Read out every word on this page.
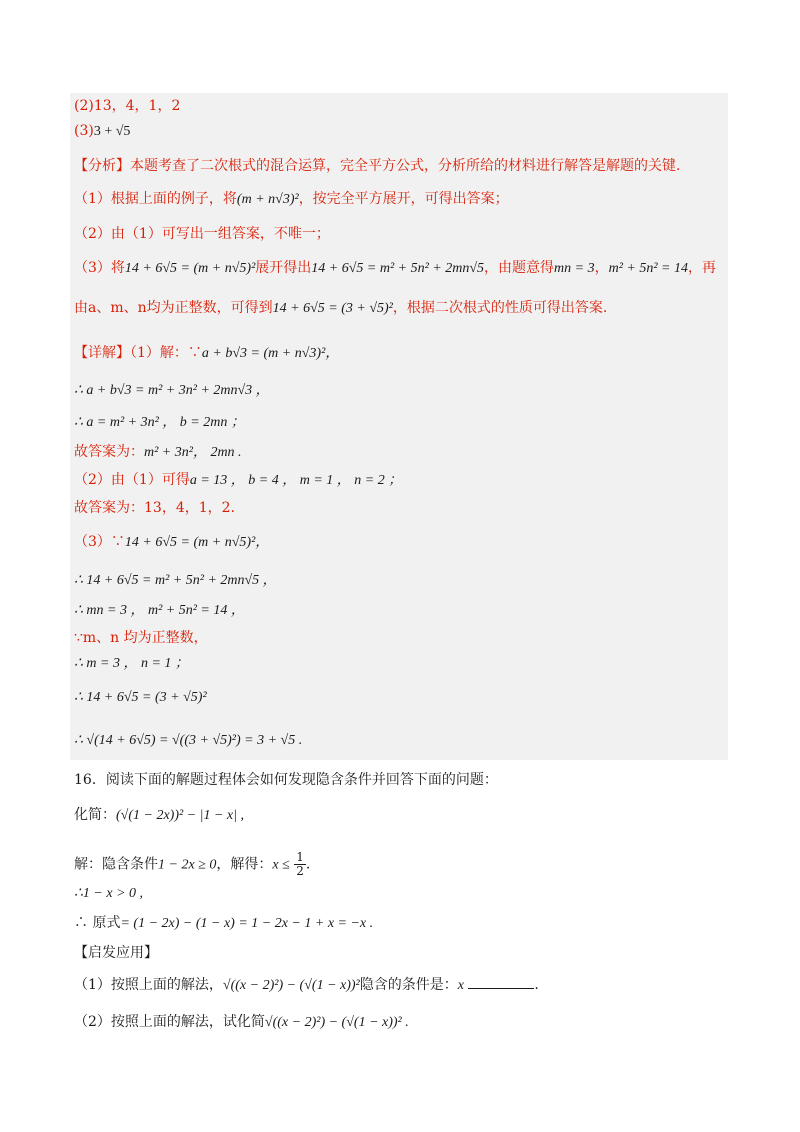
(2)13，4，1，2
(3)3 + √5
【分析】本题考查了二次根式的混合运算，完全平方公式，分析所给的材料进行解答是解题的关键.
（1）根据上面的例子，将(m + n√3)²，按完全平方展开，可得出答案；
（2）由（1）可写出一组答案，不唯一；
（3）将14 + 6√5 = (m + n√5)²展开得出14 + 6√5 = m² + 5n² + 2mn√5，由题意得mn = 3，m² + 5n² = 14，再
由a、m、n均为正整数，可得到14 + 6√5 = (3 + √5)²，根据二次根式的性质可得出答案.
【详解】（1）解：∵a + b√3 = (m + n√3)²，
∴ a + b√3 = m² + 3n² + 2mn√3 ，
∴ a = m² + 3n² ， b = 2mn ；
故答案为：m² + 3n²， 2mn .
（2）由（1）可得a = 13 ， b = 4 ， m = 1 ， n = 2 ；
故答案为：13，4，1，2.
（3）∵14 + 6√5 = (m + n√5)²，
∴ 14 + 6√5 = m² + 5n² + 2mn√5 ，
∴ mn = 3 ， m² + 5n² = 14 ，
∵m、n 均为正整数，
∴ m = 3 ， n = 1 ；
∴ 14 + 6√5 = (3 + √5)²
∴ √(14 + 6√5) = √((3 + √5)²) = 3 + √5 .
16．阅读下面的解题过程体会如何发现隐含条件并回答下面的问题：
化简：(√(1 − 2x))² − |1 − x| ,
解：隐含条件1 − 2x ≥ 0，解得：$x \le \frac{1}{2}$ .
∴1 − x > 0 ,
∴ 原式= (1 − 2x) − (1 − x) = 1 − 2x − 1 + x = −x .
【启发应用】
（1）按照上面的解法，√((x − 2)²) − (√(1 − x))²隐含的条件是：x	.
（2）按照上面的解法，试化简√((x − 2)²) − (√(1 − x))² .
